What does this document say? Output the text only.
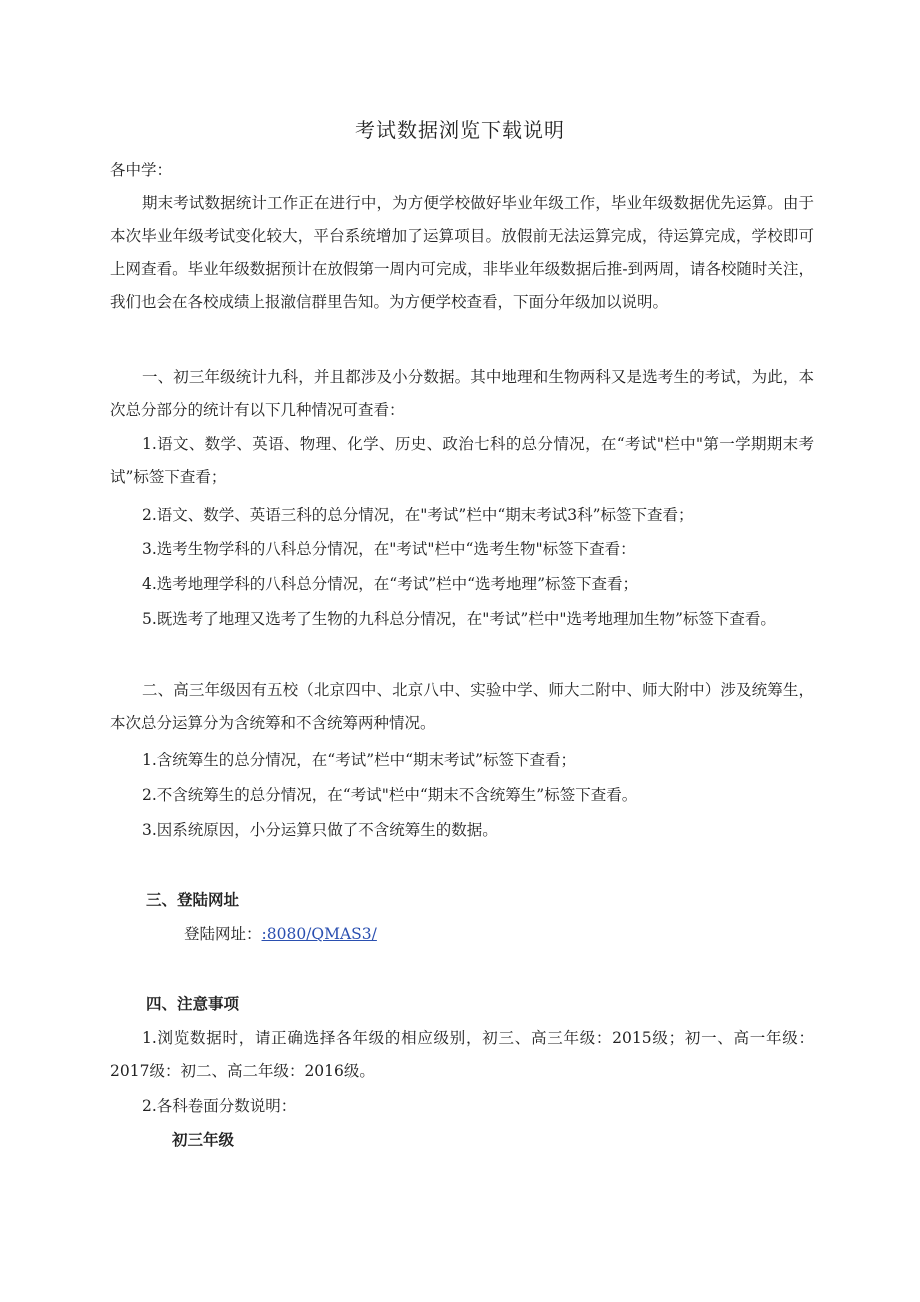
考试数据浏览下载说明

各中学：

期末考试数据统计工作正在进行中，为方便学校做好毕业年级工作，毕业年级数据优先运算。由于本次毕业年级考试变化较大，平台系统增加了运算项目。放假前无法运算完成，待运算完成，学校即可上网查看。毕业年级数据预计在放假第一周内可完成，非毕业年级数据后推-到两周，请各校随时关注，我们也会在各校成绩上报澈信群里告知。为方便学校查看，下面分年级加以说明。

一、初三年级统计九科，并且都涉及小分数据。其中地理和生物两科又是选考生的考试，为此，本次总分部分的统计有以下几种情况可查看：

1.语文、数学、英语、物理、化学、历史、政治七科的总分情况，在“考试"栏中"第一学期期末考试”标签下查看；

2.语文、数学、英语三科的总分情况，在"考试”栏中“期末考试3科”标签下查看；

3.选考生物学科的八科总分情况，在"考试"栏中“选考生物"标签下查看：

4.选考地理学科的八科总分情况，在“考试”栏中“选考地理”标签下查看；

5.既选考了地理又选考了生物的九科总分情况，在"考试”栏中"选考地理加生物”标签下查看。

二、高三年级因有五校（北京四中、北京八中、实验中学、师大二附中、师大附中）涉及统筹生，本次总分运算分为含统筹和不含统筹两种情况。

1.含统筹生的总分情况，在“考试”栏中“期末考试”标签下查看；

2.不含统筹生的总分情况，在“考试"栏中“期末不含统筹生”标签下查看。

3.因系统原因，小分运算只做了不含统筹生的数据。

三、登陆网址

登陆网址：:8080/QMAS3/

四、注意事项

1.浏览数据时，请正确选择各年级的相应级别，初三、高三年级：2015级；初一、高一年级：2017级：初二、高二年级：2016级。

2.各科卷面分数说明：

初三年级
